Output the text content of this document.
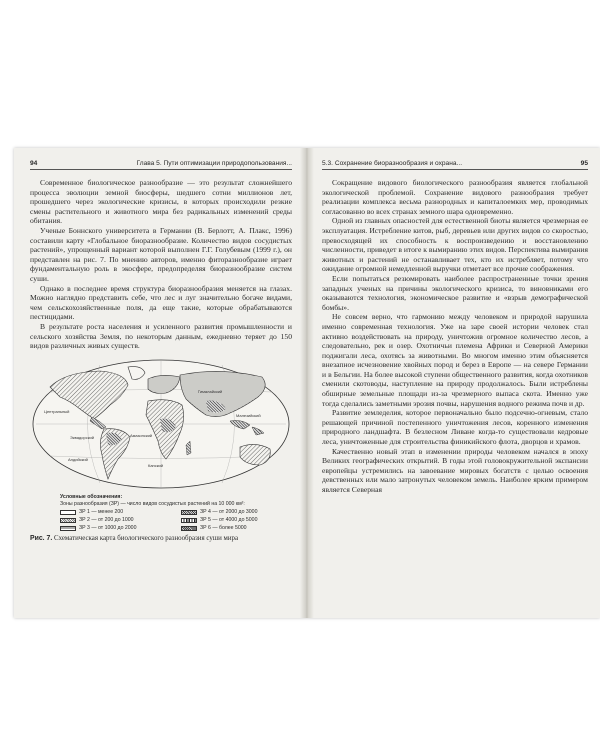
94	Глава 5. Пути оптимизации природопользования...

Современное биологическое разнообразие — это результат сложнейшего процесса эволюции земной биосферы, шедшего сотни миллионов лет, прошедшего через экологические кризисы, в которых происходили резкие смены растительного и животного мира без радикальных изменений среды обитания.

Ученые Боннского университета в Германии (В. Берлотт, А. Плакс, 1996) составили карту «Глобальное биоразнообразие. Количество видов сосудистых растений», упрощенный вариант которой выполнен Г.Г. Голубевым (1999 г.), он представлен на рис. 7. По мнению авторов, именно фиторазнообразие играет фундаментальную роль в экосфере, предопределяя биоразнообразие систем суши.

Однако в последнее время структура биоразнообразия меняется на глазах. Можно наглядно представить себе, что лес и луг значительно богаче видами, чем сельскохозяйственные поля, да еще такие, которые обрабатываются пестицидами.

В результате роста населения и усиленного развития промышленности и сельского хозяйства Земля, по некоторым данным, ежедневно теряет до 150 видов различных живых существ.

Центральный
Гималайский
Амазонский
Капский
Андийский
Эквадорский
Малезийский
Условные обозначения:
Зоны разнообразия (ЗР) — число видов сосудистых растений на 10 000 км²:
ЗР 1 — менее 200	ЗР 4 — от 2000 до 3000
ЗР 2 — от 200 до 1000	ЗР 5 — от 4000 до 5000
ЗР 3 — от 1000 до 2000	ЗР 6 — более 5000
Рис. 7. Схематическая карта биологического разнообразия суши мира
5.3. Сохранение биоразнообразия и охрана...	95

Сокращение видового биологического разнообразия является глобальной экологической проблемой. Сохранение видового разнообразия требует реализации комплекса весьма разнородных и капиталоемких мер, проводимых согласованно во всех странах земного шара одновременно.

Одной из главных опасностей для естественной биоты является чрезмерная ее эксплуатация. Истребление китов, рыб, деревьев или других видов со скоростью, превосходящей их способность к воспроизведению и восстановлению численности, приведет в итоге к вымиранию этих видов. Перспектива вымирания животных и растений не останавливает тех, кто их истребляет, потому что ожидание огромной немедленной выручки отметает все прочие соображения.

Если попытаться резюмировать наиболее распространенные точки зрения западных ученых на причины экологического кризиса, то виновниками его оказываются технология, экономическое развитие и «взрыв демографической бомбы».

Не совсем верно, что гармонию между человеком и природой нарушила именно современная технология. Уже на заре своей истории человек стал активно воздействовать на природу, уничтожив огромное количество лесов, а следовательно, рек и озер. Охотничьи племена Африки и Северной Америки поджигали леса, охотясь за животными. Во многом именно этим объясняется внезапное исчезновение хвойных пород и берез в Европе — на севере Германии и в Бельгии. На более высокой ступени общественного развития, когда охотников сменили скотоводы, наступление на природу продолжалось. Были истреблены обширные земельные площади из-за чрезмерного выпаса скота. Именно уже тогда сделались заметными эрозия почвы, нарушения водного режима почв и др.

Развитие земледелия, которое первоначально было подсечно-огневым, стало решающей причиной постепенного уничтожения лесов, коренного изменения природного ландшафта. В безлесном Ливане когда-то существовали кедровые леса, уничтоженные для строительства финикийского флота, дворцов и храмов.

Качественно новый этап в изменении природы человеком начался в эпоху Великих географических открытий. В годы этой головокружительной экспансии европейцы устремились на завоевание мировых богатств с целью освоения девственных или мало затронутых человеком земель. Наиболее ярким примером является Северная
